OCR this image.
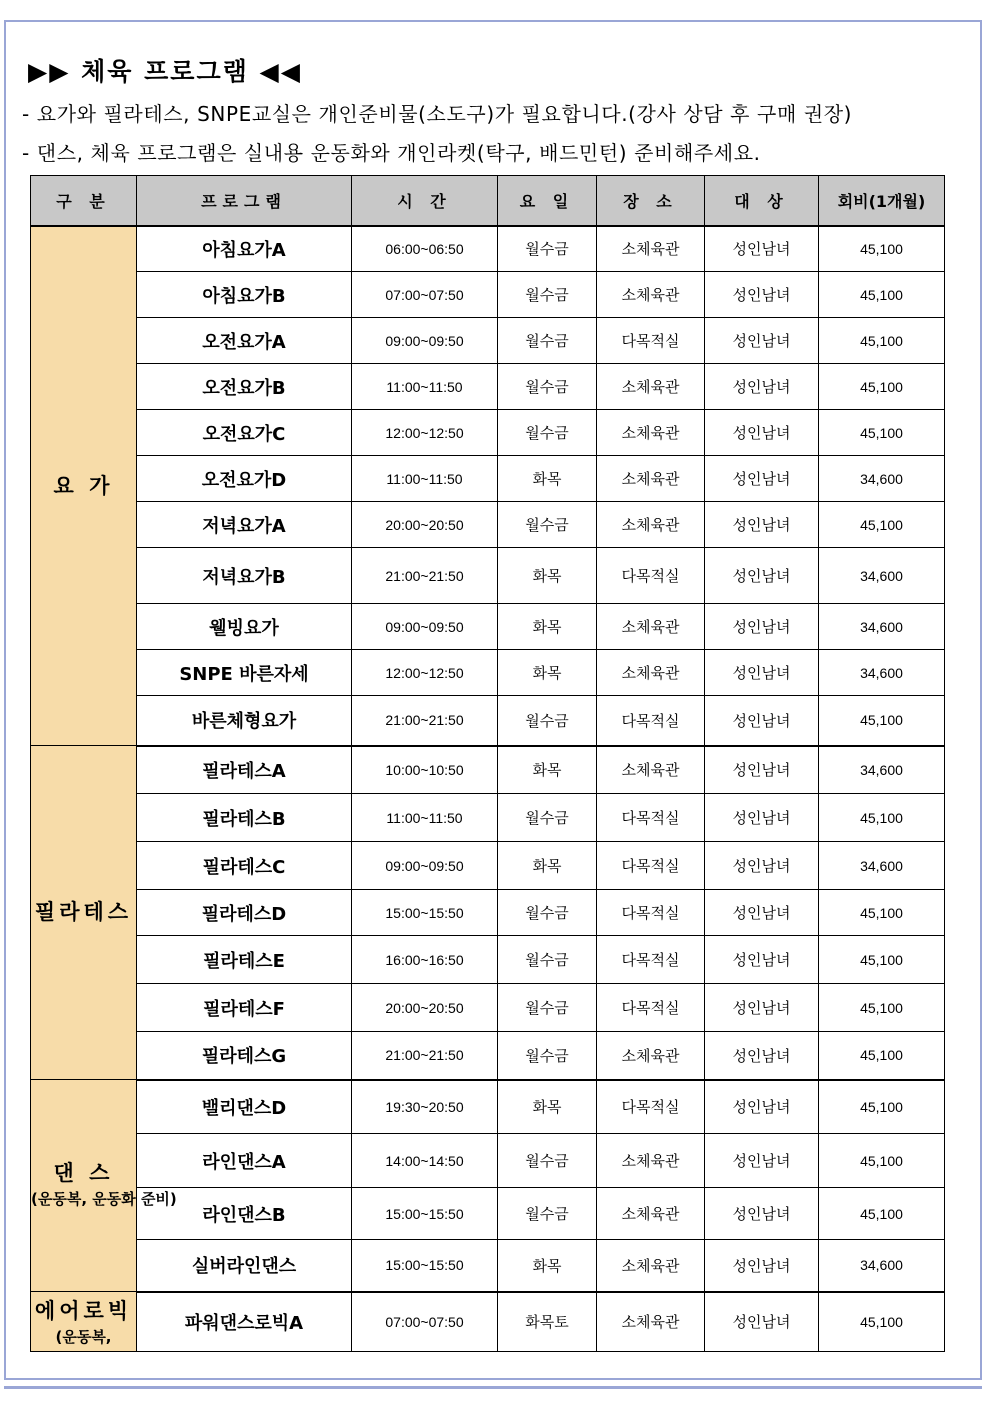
▶▶ 체육 프로그램 ◀◀
- 요가와 필라테스, SNPE교실은 개인준비물(소도구)가 필요합니다.(강사 상담 후 구매 권장)
- 댄스, 체육 프로그램은 실내용 운동화와 개인라켓(탁구, 배드민턴) 준비해주세요.
구 분	프로그램	시 간	요 일	장 소	대 상	회비(1개월)
요 가	아침요가A	06:00~06:50	월수금	소체육관	성인남녀	45,100
	아침요가B	07:00~07:50	월수금	소체육관	성인남녀	45,100
	오전요가A	09:00~09:50	월수금	다목적실	성인남녀	45,100
	오전요가B	11:00~11:50	월수금	소체육관	성인남녀	45,100
	오전요가C	12:00~12:50	월수금	소체육관	성인남녀	45,100
	오전요가D	11:00~11:50	화목	소체육관	성인남녀	34,600
	저녁요가A	20:00~20:50	월수금	소체육관	성인남녀	45,100
	저녁요가B	21:00~21:50	화목	다목적실	성인남녀	34,600
	웰빙요가	09:00~09:50	화목	소체육관	성인남녀	34,600
	SNPE 바른자세	12:00~12:50	화목	소체육관	성인남녀	34,600
	바른체형요가	21:00~21:50	월수금	다목적실	성인남녀	45,100
필라테스	필라테스A	10:00~10:50	화목	소체육관	성인남녀	34,600
	필라테스B	11:00~11:50	월수금	다목적실	성인남녀	45,100
	필라테스C	09:00~09:50	화목	다목적실	성인남녀	34,600
	필라테스D	15:00~15:50	월수금	다목적실	성인남녀	45,100
	필라테스E	16:00~16:50	월수금	다목적실	성인남녀	45,100
	필라테스F	20:00~20:50	월수금	다목적실	성인남녀	45,100
	필라테스G	21:00~21:50	월수금	소체육관	성인남녀	45,100
댄 스
(운동복, 운동화 준비)	밸리댄스D	19:30~20:50	화목	다목적실	성인남녀	45,100
	라인댄스A	14:00~14:50	월수금	소체육관	성인남녀	45,100
	라인댄스B	15:00~15:50	월수금	소체육관	성인남녀	45,100
	실버라인댄스	15:00~15:50	화목	소체육관	성인남녀	34,600
에어로빅
(운동복,	파워댄스로빅A	07:00~07:50	화목토	소체육관	성인남녀	45,100
